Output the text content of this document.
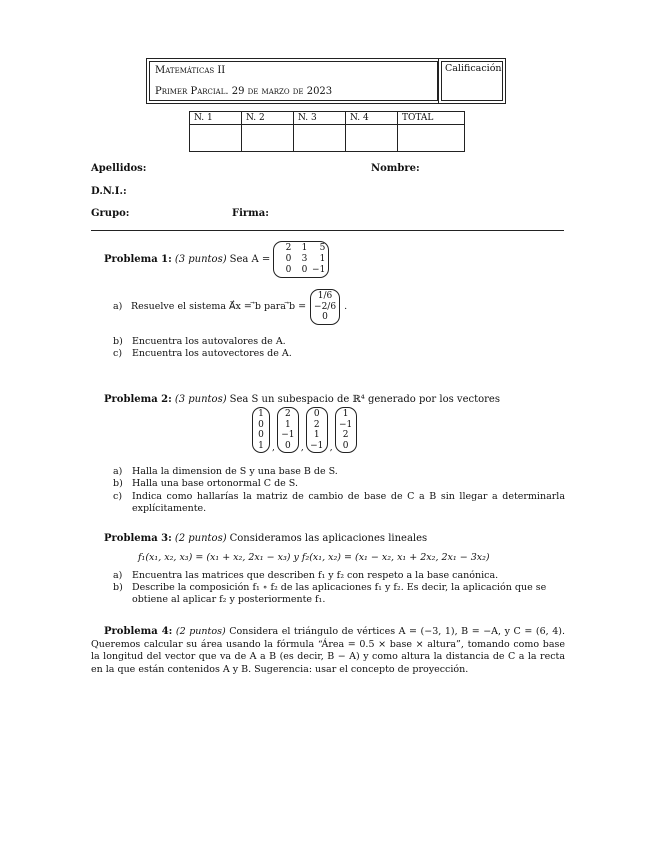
Matemáticas II
Primer Parcial. 29 de marzo de 2023
Calificación
N. 1	N. 2	N. 3	N. 4	TOTAL

Apellidos:	Nombre:
D.N.I.:
Grupo:	Firma:
Problema 1: (3 puntos) Sea A =
2	1	5
0	3	1
0	0 −1
a) Resuelve el sistema A⃗x = ⃗b para ⃗b =
1/6
−2/6
0
.
b) Encuentra los autovalores de A.
c)	Encuentra los autovectores de A.
Problema 2: (3 puntos) Sea S un subespacio de ℝ⁴ generado por los vectores
1
0
0
1 ,
2
1
−1
0	,
0
2
1
−1 ,
1
−1
2
0
a)	Halla la dimension de S y una base B de S.
b) Halla una base ortonormal C de S.
c)	Indica como hallarías la matriz de cambio de base de C a B sin llegar a determinarla explícitamente.
Problema 3: (2 puntos) Consideramos las aplicaciones lineales
f₁(x₁, x₂, x₃) = (x₁ + x₂, 2x₁ − x₃) y f₂(x₁, x₂) = (x₁ − x₂, x₁ + 2x₂, 2x₁ − 3x₂)
a)	Encuentra las matrices que describen f₁ y f₂ con respeto a la base canónica.
b) Describe la composición f₁ ∘ f₂ de las aplicaciones f₁ y f₂. Es decir, la aplicación que se obtiene al aplicar f₂ y posteriormente f₁.
Problema 4: (2 puntos) Considera el triángulo de vértices A = (−3, 1), B = −A, y C = (6, 4). Queremos calcular su área usando la fórmula “Área = 0.5 × base × altura”, tomando como base la longitud del vector que va de A a B (es decir, B − A) y como altura la distancia de C a la recta en la que están contenidos A y B. Sugerencia: usar el concepto de proyección.
